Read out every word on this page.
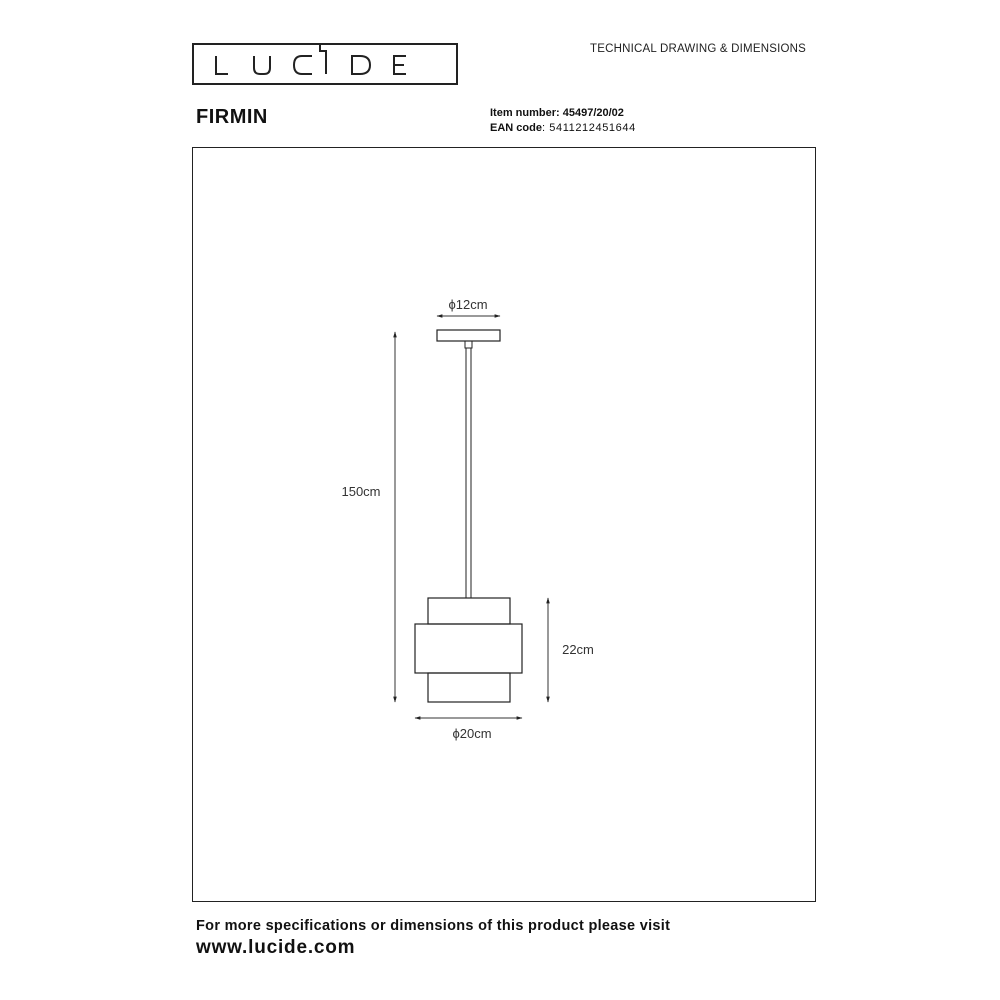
TECHNICAL DRAWING & DIMENSIONS
FIRMIN	Item number: 45497/20/02
EAN code: 5411212451644
ϕ12cm
150cm
22cm
ϕ20cm
For more specifications or dimensions of this product please visit
www.lucide.com
